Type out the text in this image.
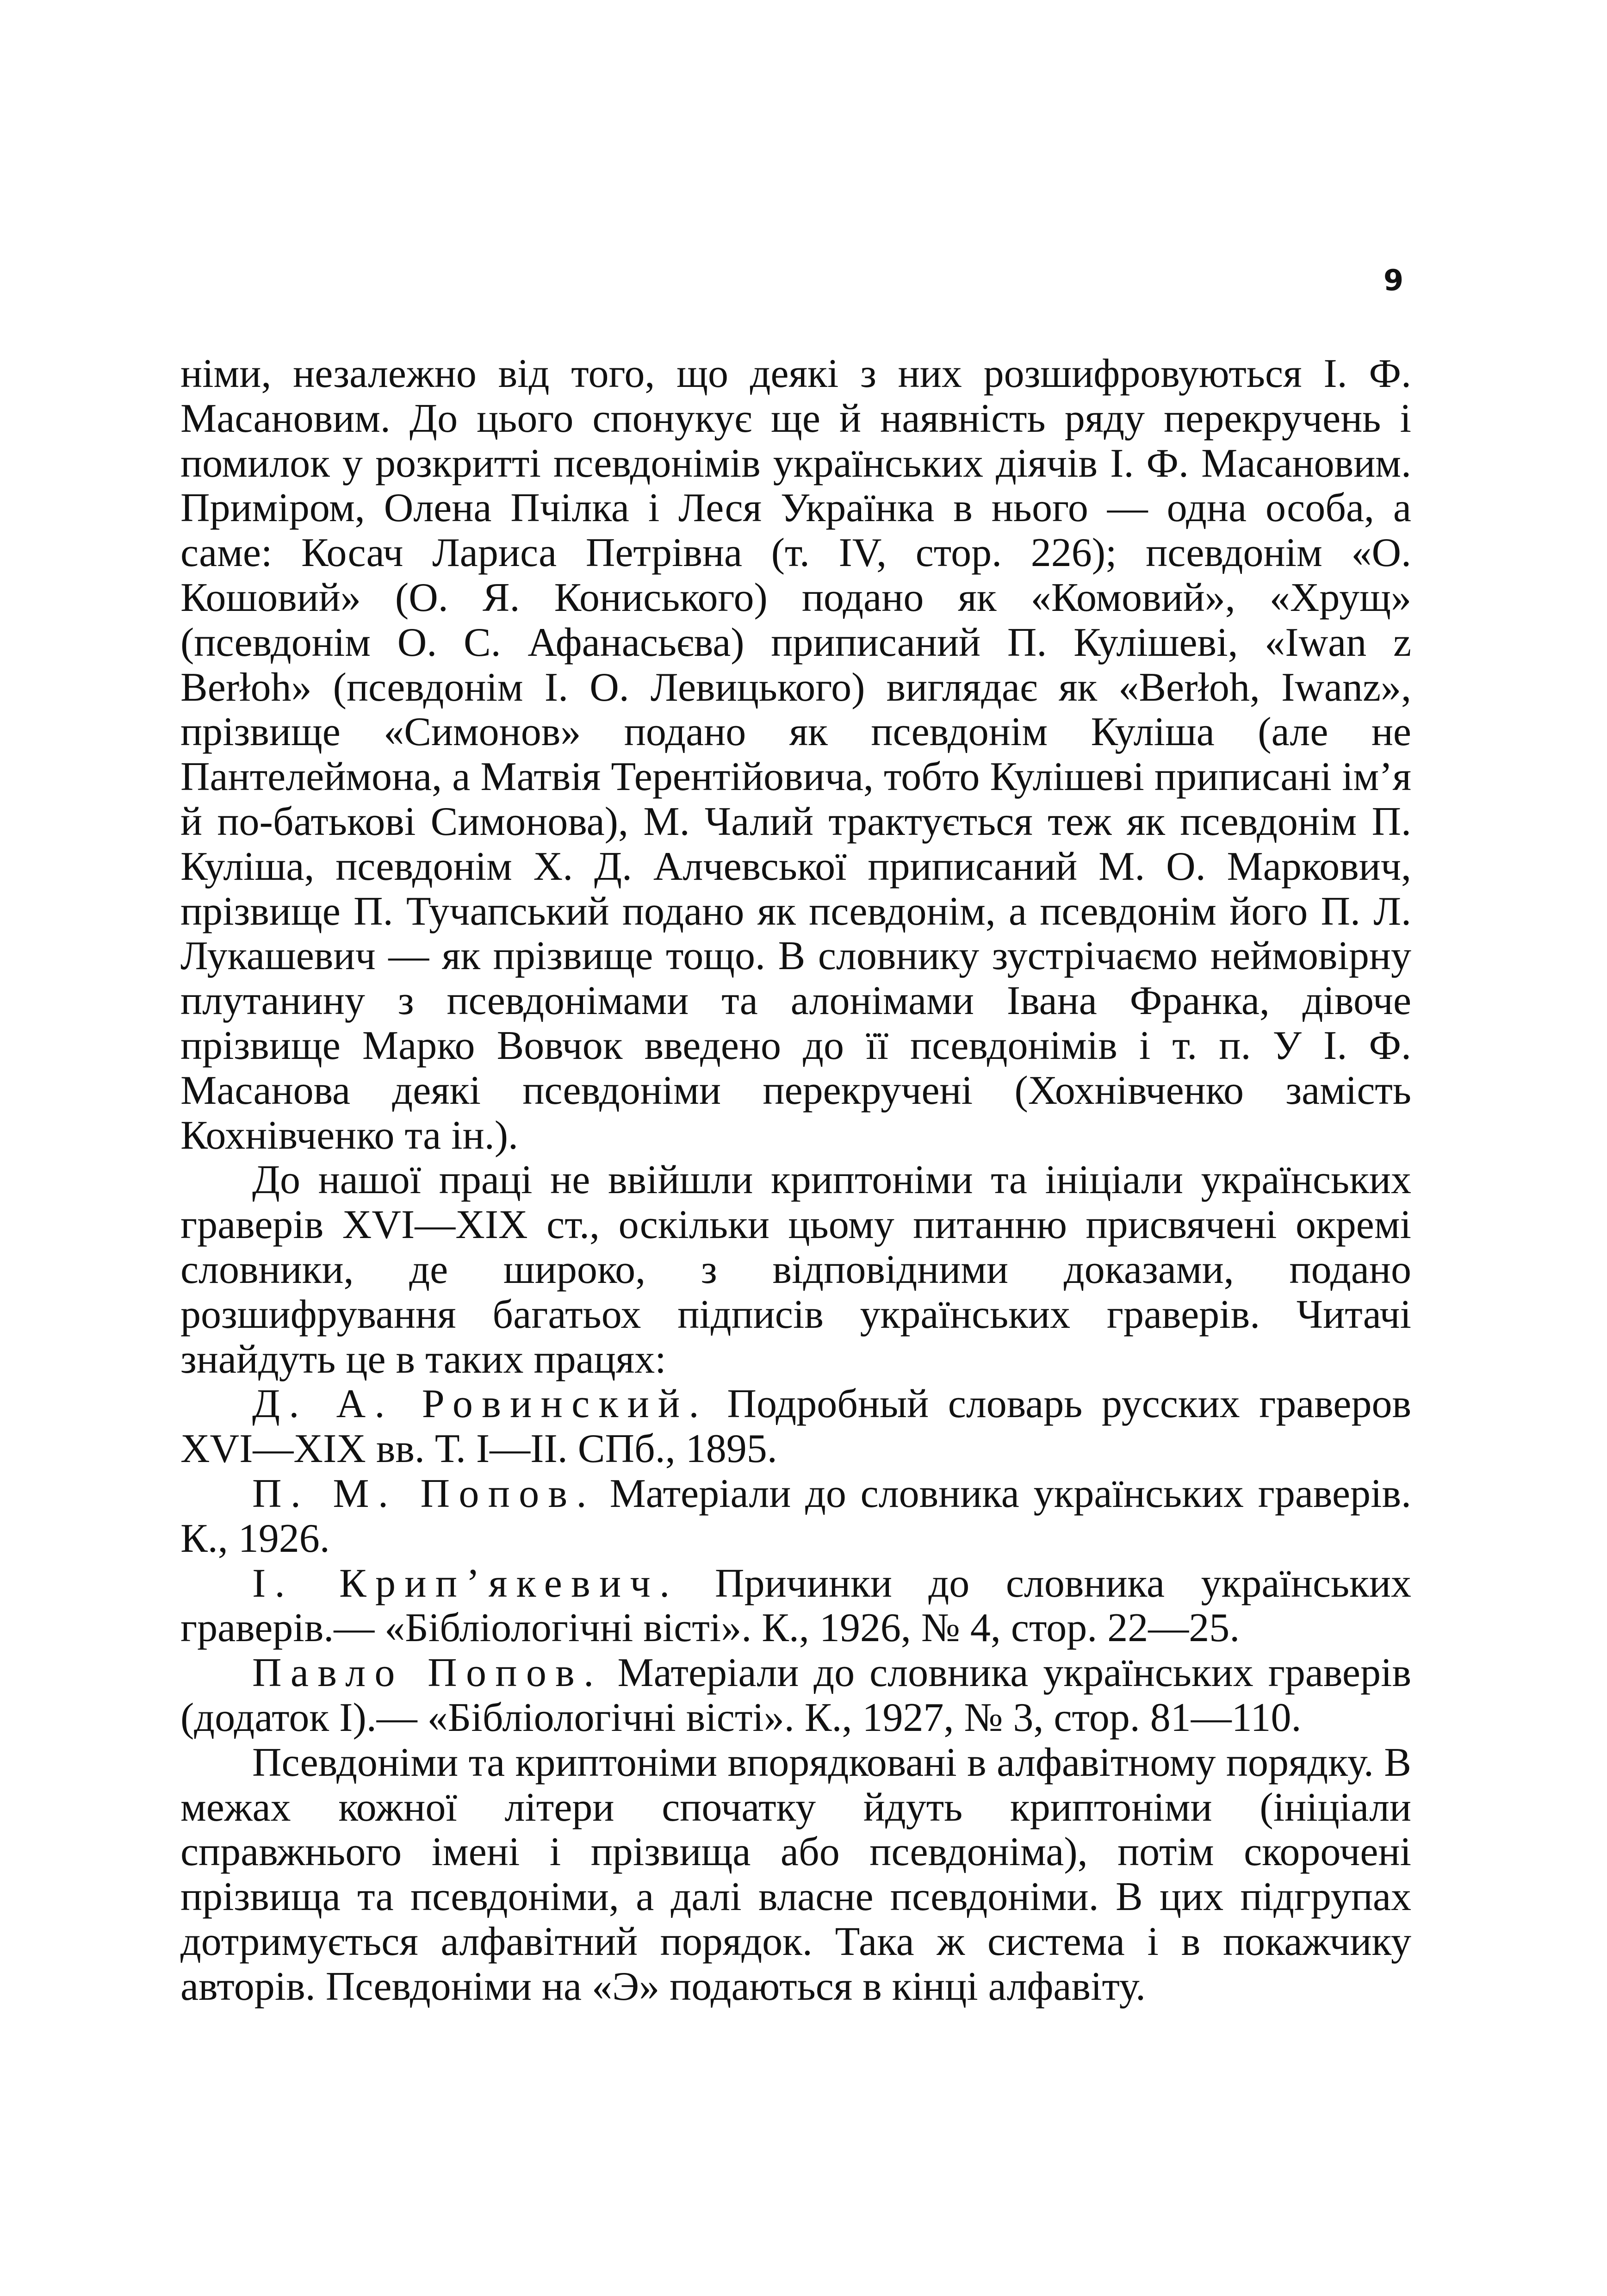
9

німи, незалежно від того, що деякі з них розшифровуються І. Ф. Масановим. До цього спонукує ще й наявність ряду перекручень і помилок у розкритті псевдонімів українських діячів І. Ф. Масановим. Приміром, Олена Пчілка і Леся Українка в нього — одна особа, а саме: Косач Лариса Петрівна (т. IV, стор. 226); псевдонім «О. Кошовий» (О. Я. Кониського) подано як «Комовий», «Хрущ» (псевдонім О. С. Афанасьєва) приписаний П. Кулішеві, «Iwan z Berłoh» (псевдонім І. О. Левицького) виглядає як «Berłoh, Iwanz», прізвище «Симонов» подано як псевдонім Куліша (але не Пантелеймона, а Матвія Терентійовича, тобто Кулішеві приписані ім’я й по-батькові Симонова), М. Чалий трактується теж як псевдонім П. Куліша, псевдонім Х. Д. Алчевської приписаний М. О. Маркович, прізвище П. Тучапський подано як псевдонім, а псевдонім його П. Л. Лукашевич — як прізвище тощо. В словнику зустрічаємо неймовірну плутанину з псевдонімами та алонімами Івана Франка, дівоче прізвище Марко Вовчок введено до її псевдонімів і т. п. У І. Ф. Масанова деякі псевдоніми перекручені (Хохнівченко замість Кохнівченко та ін.).

До нашої праці не ввійшли криптоніми та ініціали українських граверів XVI—XIX ст., оскільки цьому питанню присвячені окремі словники, де широко, з відповідними доказами, подано розшифрування багатьох підписів українських граверів. Читачі знайдуть це в таких працях:

Д. А. Ровинский. Подробный словарь русских граверов XVI—XIX вв. Т. I—II. СПб., 1895.

П. М. Попов. Матеріали до словника українських граверів. К., 1926.

І. Крип’якевич. Причинки до словника українських граверів.— «Бібліологічні вісті». К., 1926, № 4, стор. 22—25.

Павло Попов. Матеріали до словника українських граверів (додаток I).— «Бібліологічні вісті». К., 1927, № 3, стор. 81—110.

Псевдоніми та криптоніми впорядковані в алфавітному порядку. В межах кожної літери спочатку йдуть криптоніми (ініціали справжнього імені і прізвища або псевдоніма), потім скорочені прізвища та псевдоніми, а далі власне псевдоніми. В цих підгрупах дотримується алфавітний порядок. Така ж система і в покажчику авторів. Псевдоніми на «Э» подаються в кінці алфавіту.
